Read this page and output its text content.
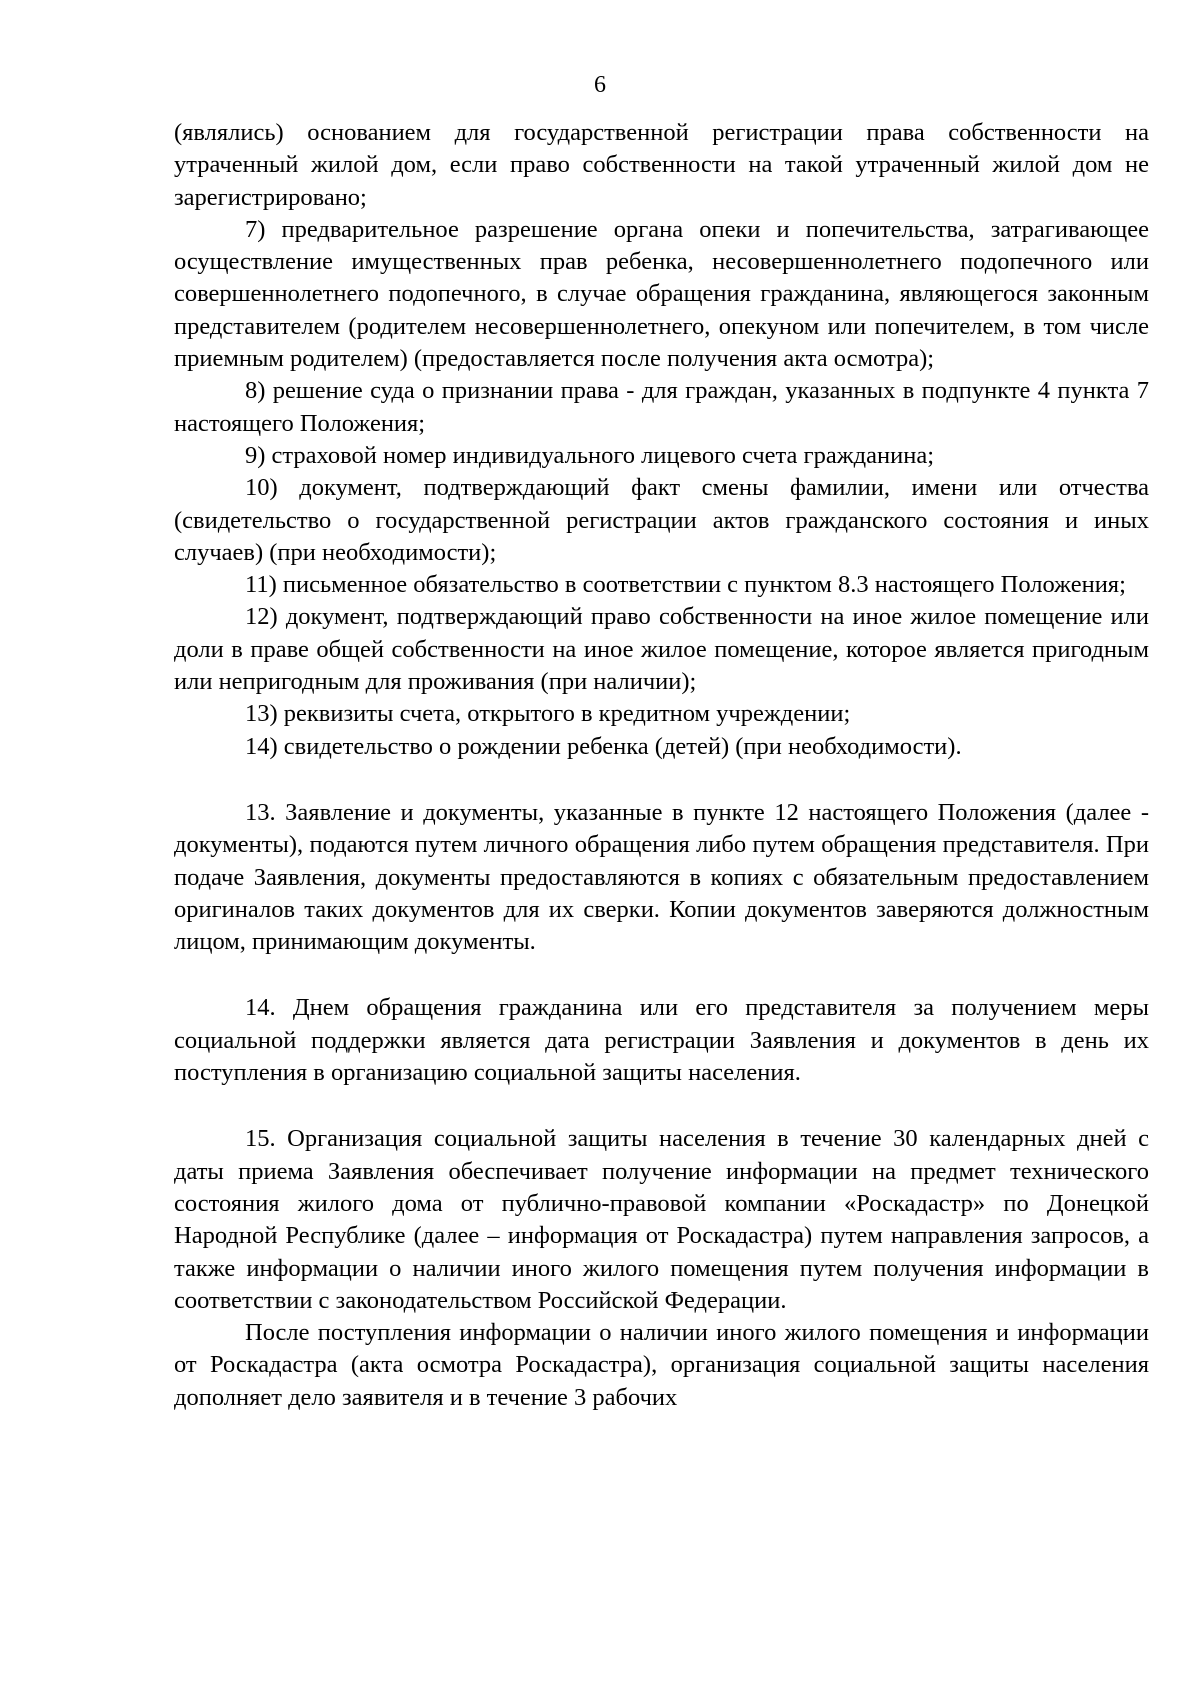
6

(являлись) основанием для государственной регистрации права собственности на утраченный жилой дом, если право собственности на такой утраченный жилой дом не зарегистрировано;

7) предварительное разрешение органа опеки и попечительства, затрагивающее осуществление имущественных прав ребенка, несовершеннолетнего подопечного или совершеннолетнего подопечного, в случае обращения гражданина, являющегося законным представителем (родителем несовершеннолетнего, опекуном или попечителем, в том числе приемным родителем) (предоставляется после получения акта осмотра);

8) решение суда о признании права - для граждан, указанных в подпункте 4 пункта 7 настоящего Положения;

9) страховой номер индивидуального лицевого счета гражданина;

10) документ, подтверждающий факт смены фамилии, имени или отчества (свидетельство о государственной регистрации актов гражданского состояния и иных случаев) (при необходимости);

11) письменное обязательство в соответствии с пунктом 8.3 настоящего Положения;

12) документ, подтверждающий право собственности на иное жилое помещение или доли в праве общей собственности на иное жилое помещение, которое является пригодным или непригодным для проживания (при наличии);

13) реквизиты счета, открытого в кредитном учреждении;

14) свидетельство о рождении ребенка (детей) (при необходимости).

13. Заявление и документы, указанные в пункте 12 настоящего Положения (далее - документы), подаются путем личного обращения либо путем обращения представителя. При подаче Заявления, документы предоставляются в копиях с обязательным предоставлением оригиналов таких документов для их сверки. Копии документов заверяются должностным лицом, принимающим документы.

14. Днем обращения гражданина или его представителя за получением меры социальной поддержки является дата регистрации Заявления и документов в день их поступления в организацию социальной защиты населения.

15. Организация социальной защиты населения в течение 30 календарных дней с даты приема Заявления обеспечивает получение информации на предмет технического состояния жилого дома от публично-правовой компании «Роскадастр» по Донецкой Народной Республике (далее – информация от Роскадастра) путем направления запросов, а также информации о наличии иного жилого помещения путем получения информации в соответствии с законодательством Российской Федерации.

После поступления информации о наличии иного жилого помещения и информации от Роскадастра (акта осмотра Роскадастра), организация социальной защиты населения дополняет дело заявителя и в течение 3 рабочих
